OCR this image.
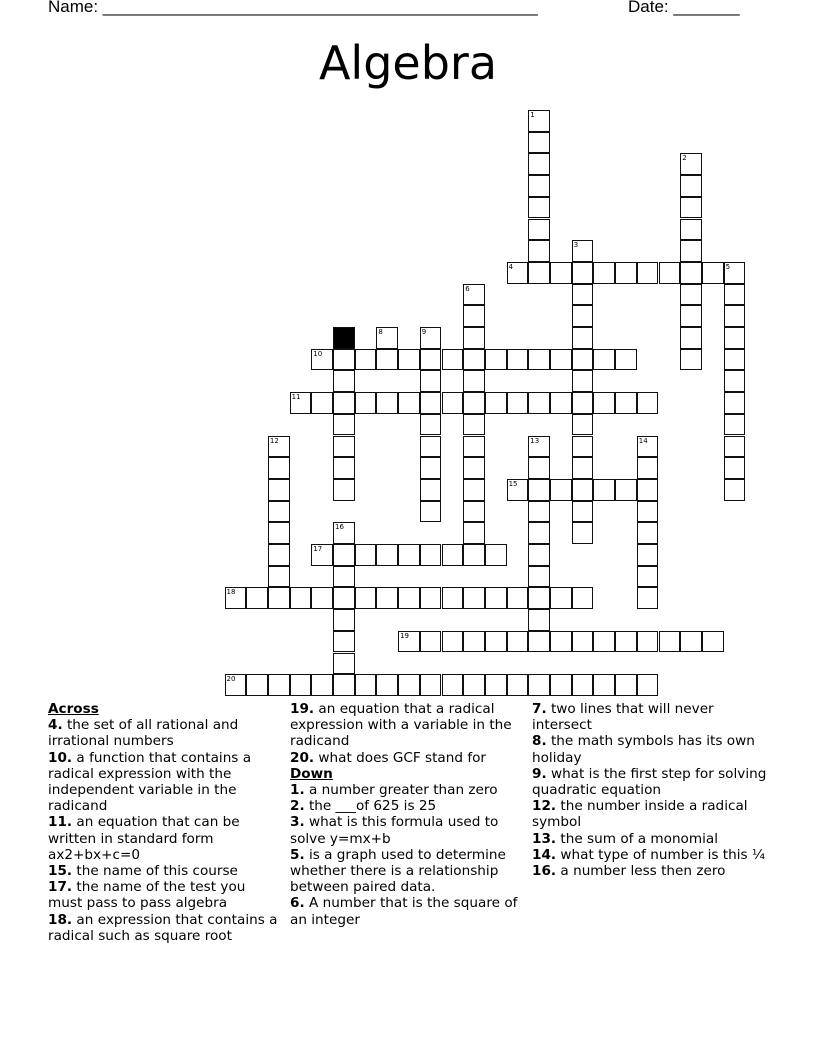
Name: ______________________________________________	Date: _______
Algebra
1
2
3
4	5
6
7	8	9
10
11
12	13	14
15
16
17
18
19
20

Across

4. the set of all rational and irrational numbers

10. a function that contains a radical expression with the independent variable in the radicand

11. an equation that can be written in standard form ax2+bx+c=0

15. the name of this course

17. the name of the test you must pass to pass algebra

18. an expression that contains a radical such as square root

19. an equation that a radical expression with a variable in the radicand

20. what does GCF stand for

Down

1. a number greater than zero

2. the ___of 625 is 25

3. what is this formula used to solve y=mx+b

5. is a graph used to determine whether there is a relationship between paired data.

6. A number that is the square of an integer

7. two lines that will never intersect

8. the math symbols has its own holiday

9. what is the first step for solving quadratic equation

12. the number inside a radical symbol

13. the sum of a monomial

14. what type of number is this ¼

16. a number less then zero
